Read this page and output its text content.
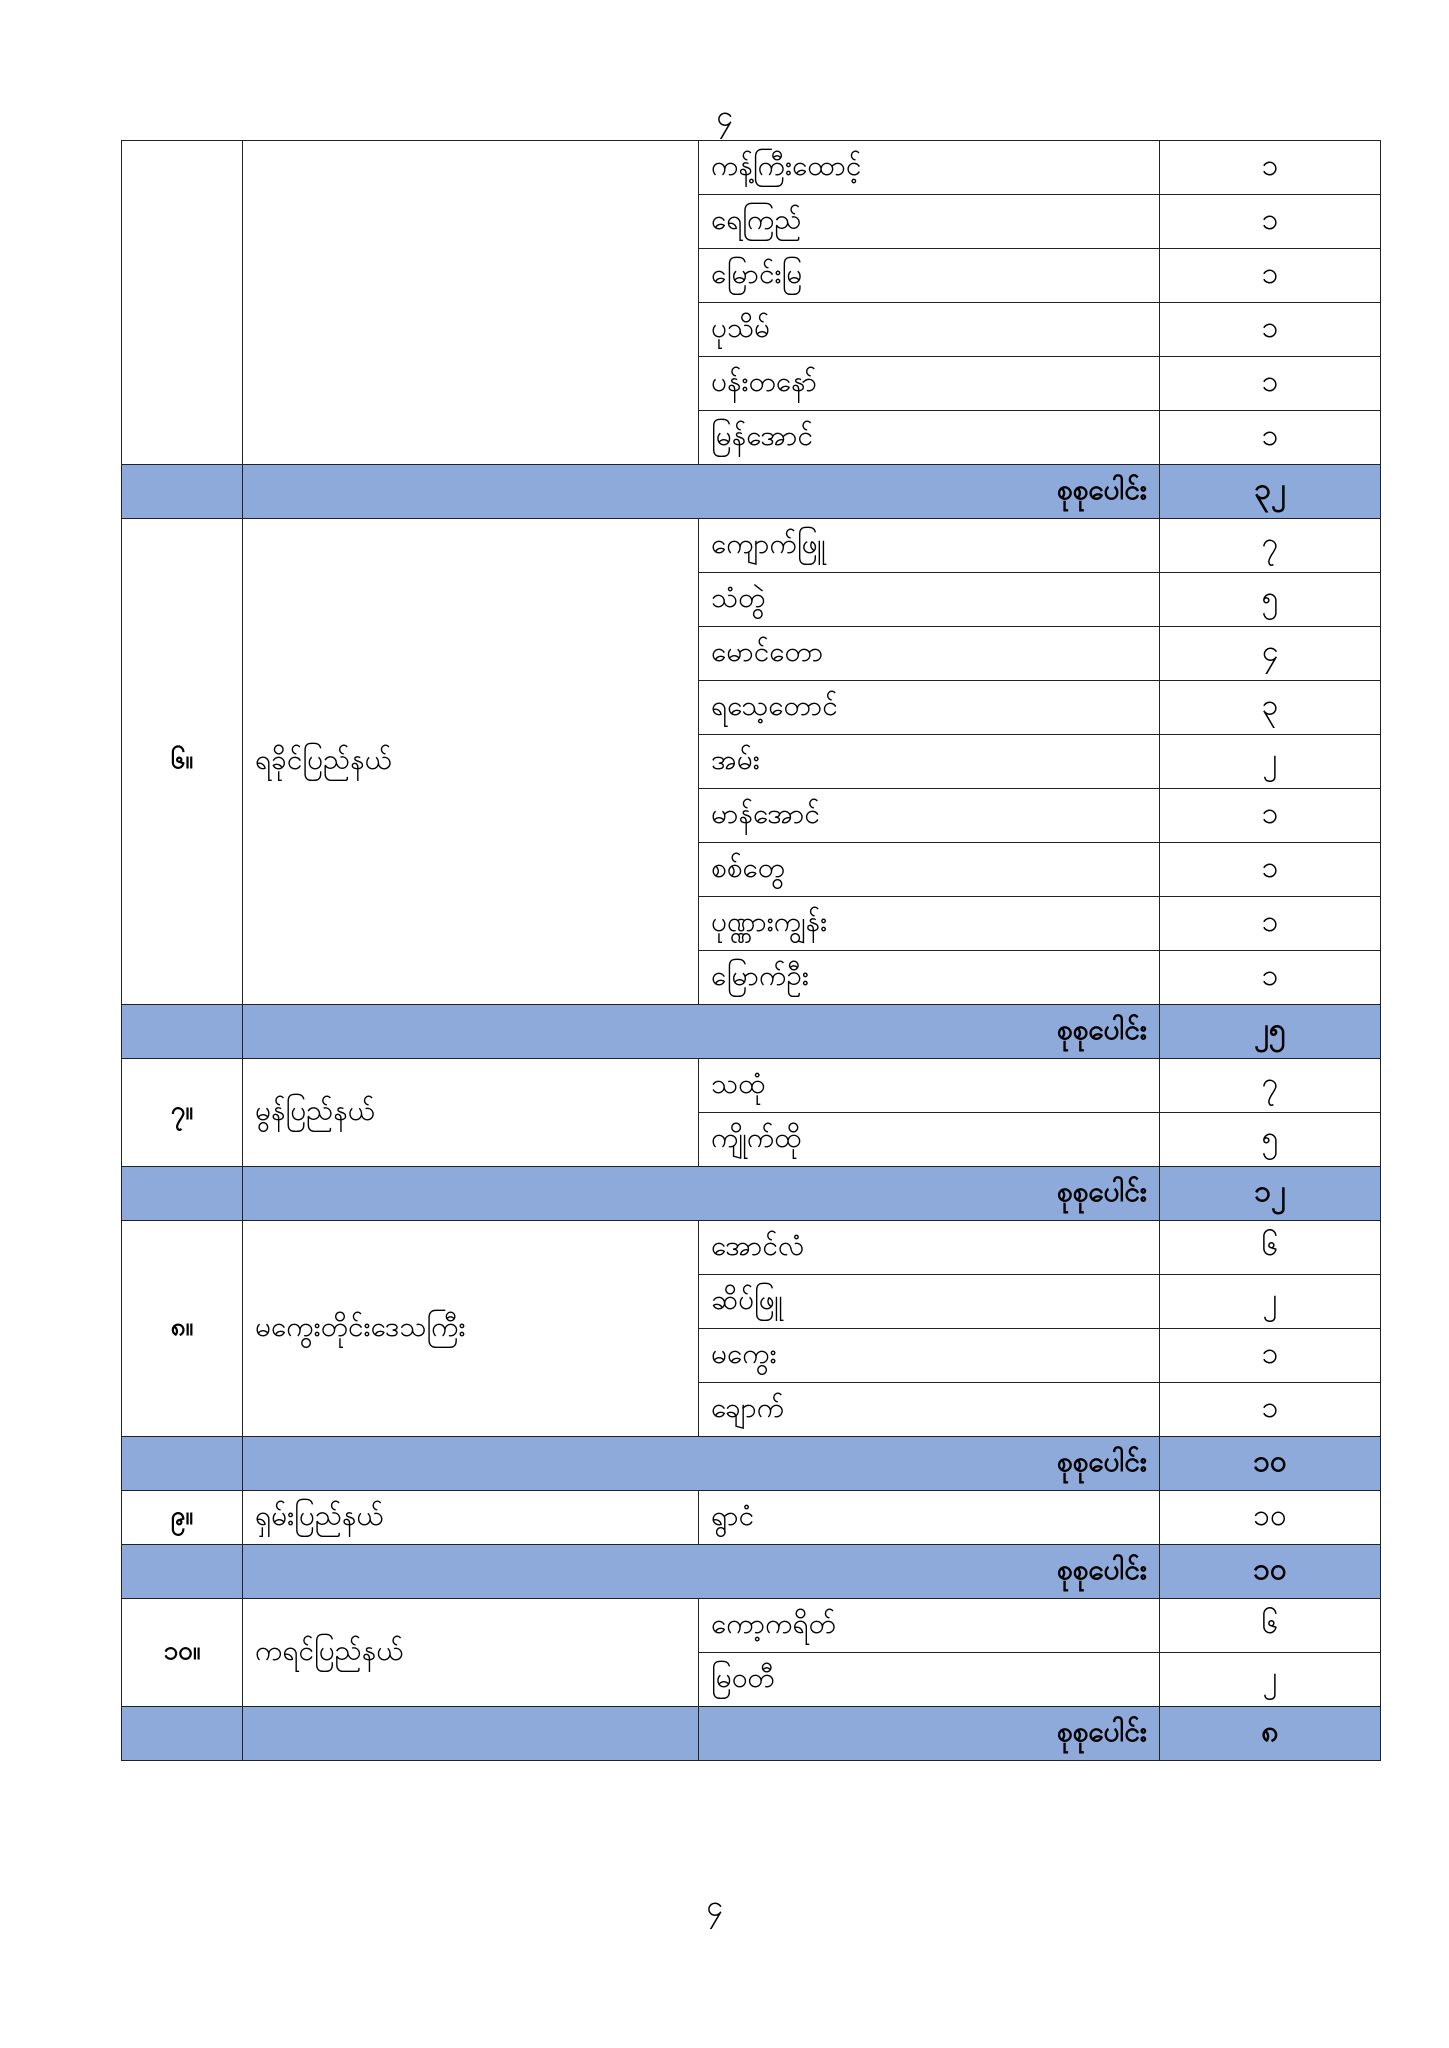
၄
		ကန့်ကြီးထောင့်	၁
		ရေကြည်	၁
		မြောင်းမြ	၁
		ပုသိမ်	၁
		ပန်းတနော်	၁
		မြန်အောင်	၁
	စုစုပေါင်း		၃၂
၆။	ရခိုင်ပြည်နယ်	ကျောက်ဖြူ	၇
		သံတွဲ	၅
		မောင်တော	၄
		ရသေ့တောင်	၃
		အမ်း	၂
		မာန်အောင်	၁
		စစ်တွေ	၁
		ပုဏ္ဏားကျွန်း	၁
		မြောက်ဦး	၁
	စုစုပေါင်း		၂၅
၇။	မွန်ပြည်နယ်	သထုံ	၇
		ကျိုက်ထို	၅
	စုစုပေါင်း		၁၂
၈။	မကွေးတိုင်းဒေသကြီး	အောင်လံ	၆
		ဆိပ်ဖြူ	၂
		မကွေး	၁
		ချောက်	၁
	စုစုပေါင်း		၁၀
၉။	ရှမ်းပြည်နယ်	ရွာငံ	၁၀
	စုစုပေါင်း		၁၀
၁၀။	ကရင်ပြည်နယ်	ကော့ကရိတ်	၆
		မြဝတီ	၂
		စုစုပေါင်း	၈
၄
